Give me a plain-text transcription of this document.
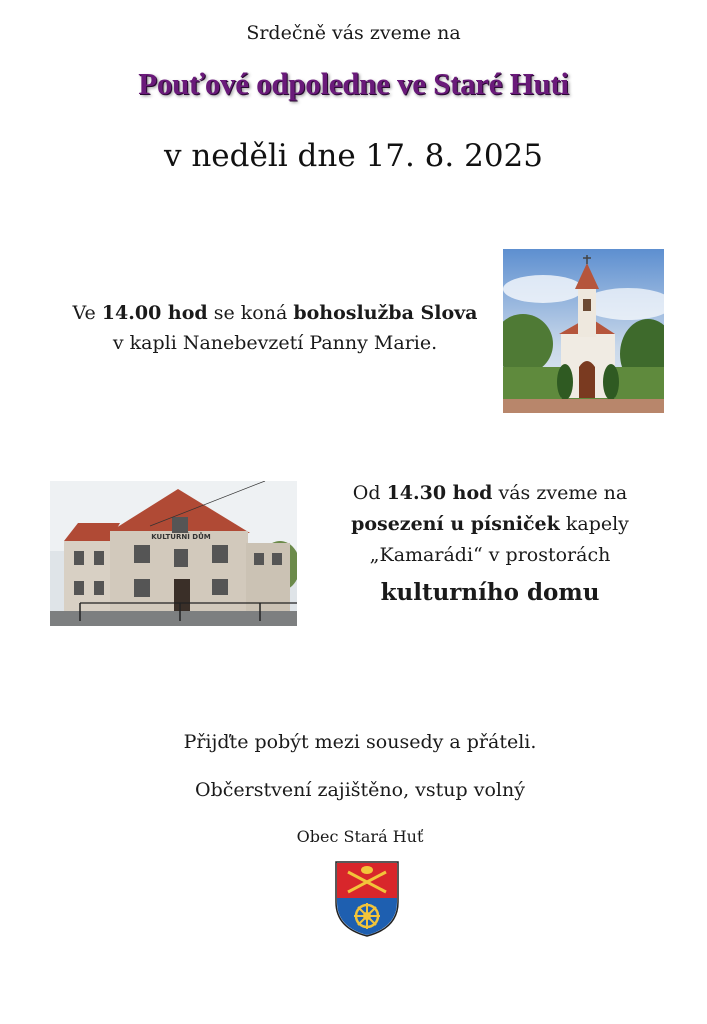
Srdečně vás zveme na
Pouťové odpoledne ve Staré Huti
v neděli dne 17. 8. 2025
Ve 14.00 hod se koná bohoslužba Slova
v kapli Nanebevzetí Panny Marie.
KULTURNÍ DŮM
Od 14.30 hod vás zveme na
posezení u písniček kapely
„Kamarádi“ v prostorách
kulturního domu
Přijďte pobýt mezi sousedy a přáteli.
Občerstvení zajištěno, vstup volný
Obec Stará Huť
